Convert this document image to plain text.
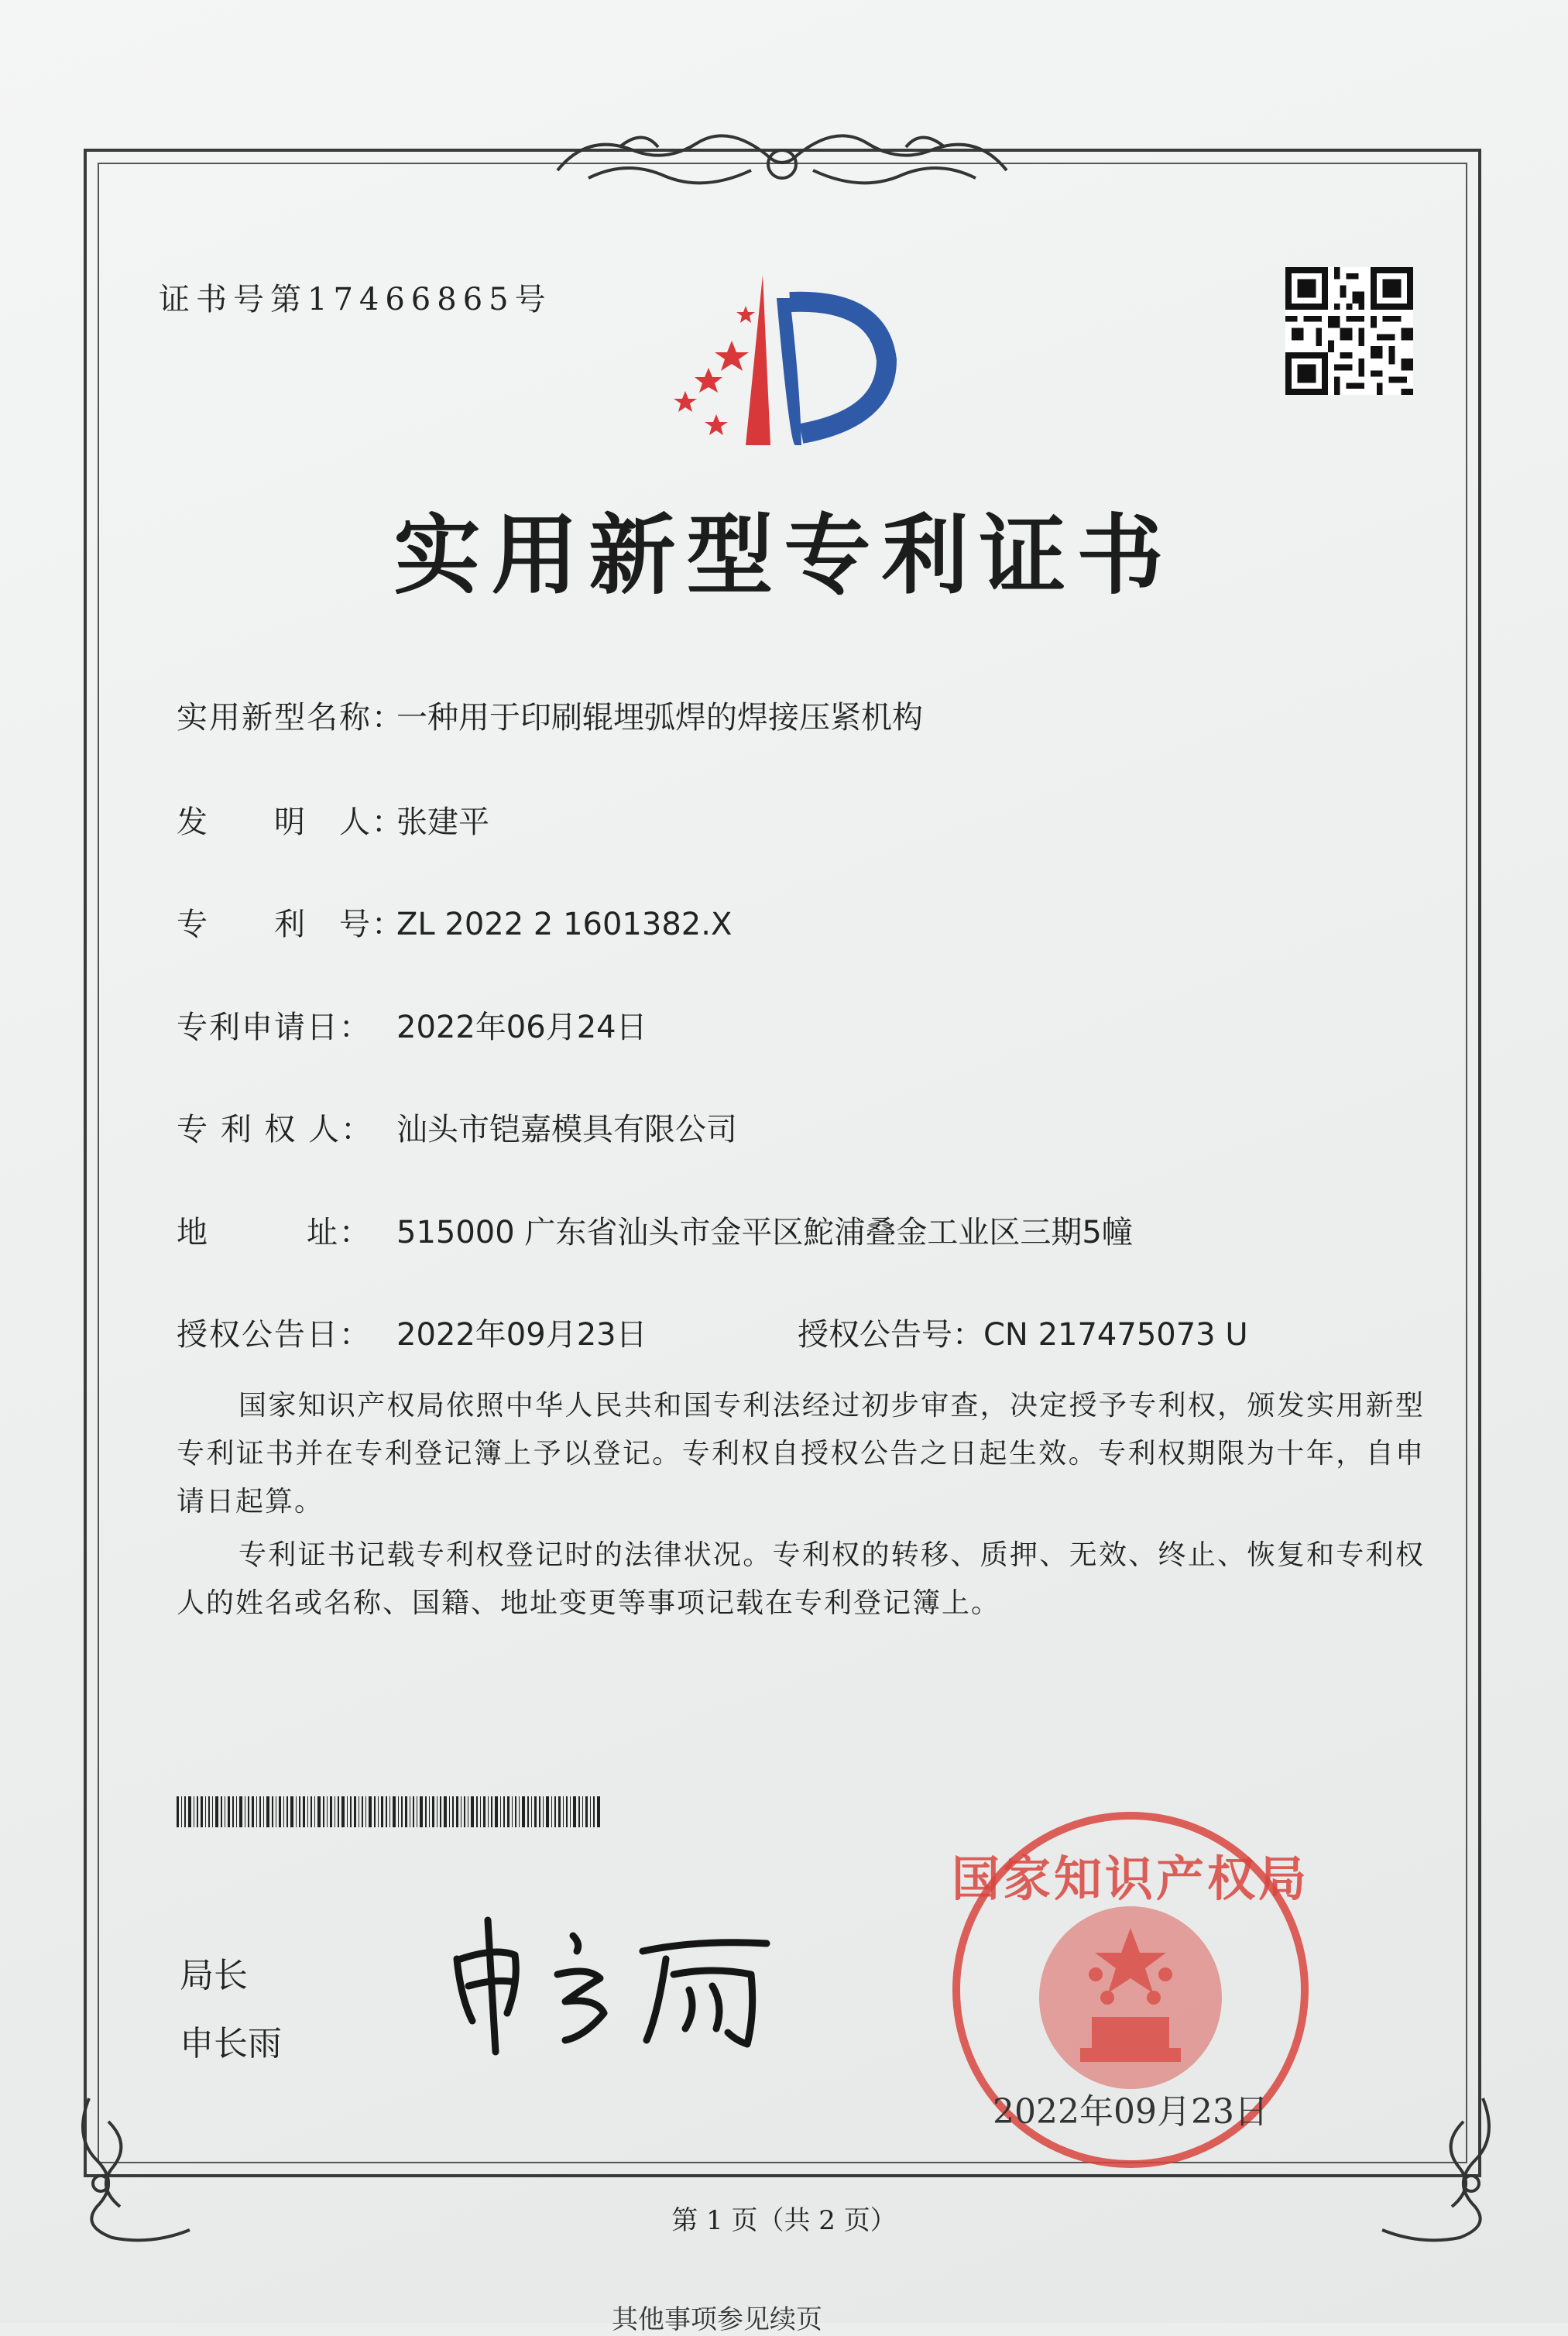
证书号第17466865号
实用新型专利证书
实用新型名称：一种用于印刷辊埋弧焊的焊接压紧机构
发　　明　人：张建平
专　　利　号：ZL 2022 2 1601382.X
专利申请日： 2022年06月24日
专 利 权 人： 汕头市铠嘉模具有限公司
地　　　址： 515000 广东省汕头市金平区鮀浦叠金工业区三期5幢
授权公告日： 2022年09月23日	授权公告号：CN 217475073 U
国家知识产权局依照中华人民共和国专利法经过初步审查，决定授予专利权，颁发实用新型专利证书并在专利登记簿上予以登记。专利权自授权公告之日起生效。专利权期限为十年，自申请日起算。
专利证书记载专利权登记时的法律状况。专利权的转移、质押、无效、终止、恢复和专利权人的姓名或名称、国籍、地址变更等事项记载在专利登记簿上。
局长
申长雨
国家知识产权局
2022年09月23日
第 1 页（共 2 页）
其他事项参见续页
